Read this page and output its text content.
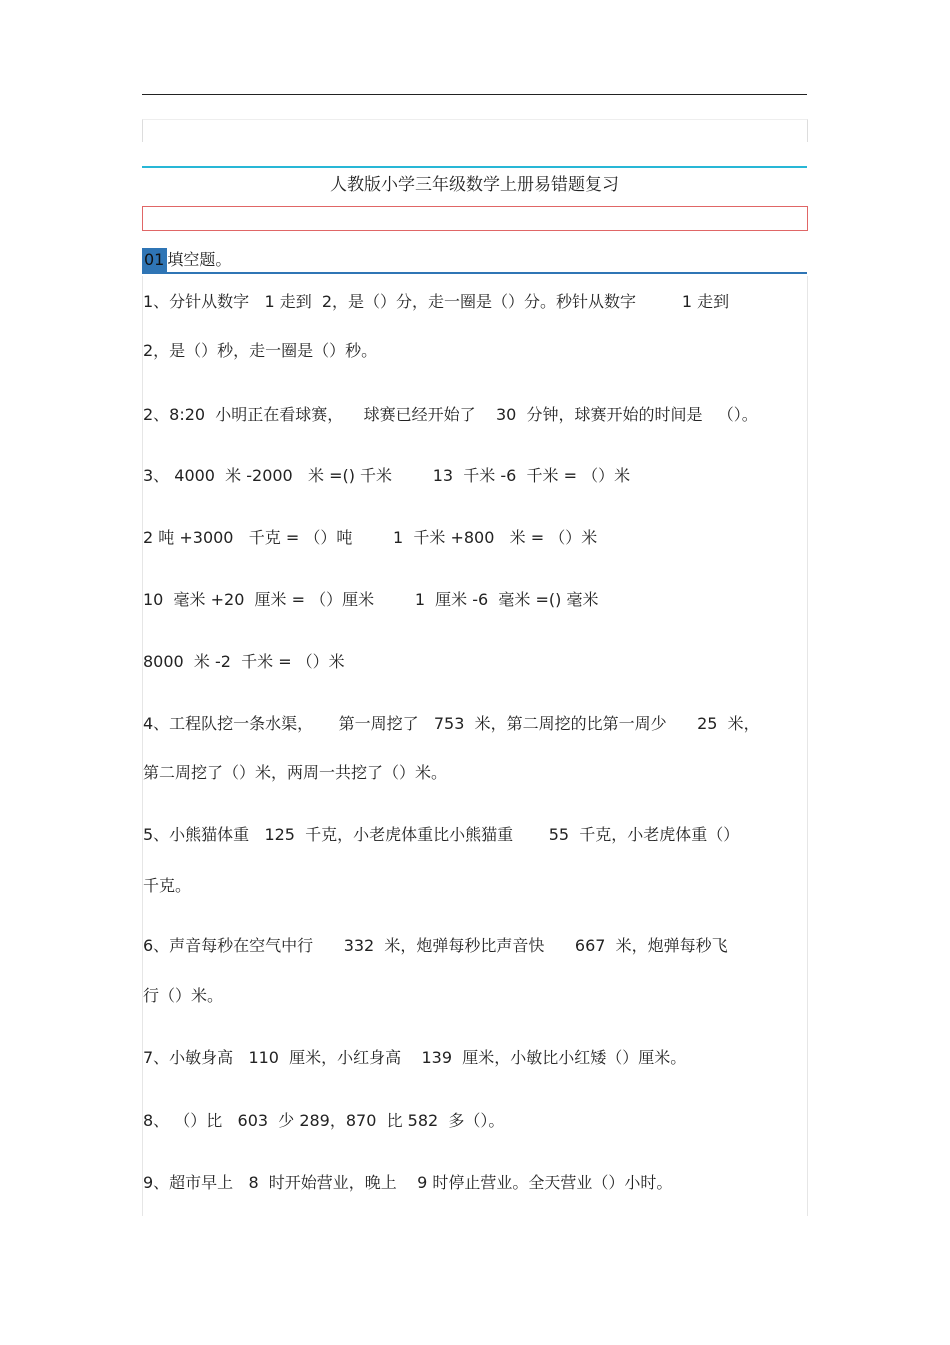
人教版小学三年级数学上册易错题复习
01 填空题。
1、分针从数字   1 走到  2，是（）分，走一圈是（）分。秒针从数字         1 走到
2，是（）秒，走一圈是（）秒。
2、8:20  小明正在看球赛，    球赛已经开始了    30  分钟，球赛开始的时间是   （）。
3、 4000  米 -2000   米 =() 千米        13  千米 -6  千米 = （）米
2 吨 +3000   千克 = （）吨        1  千米 +800   米 = （）米
10  毫米 +20  厘米 = （）厘米        1  厘米 -6  毫米 =() 毫米
8000  米 -2  千米 = （）米
4、工程队挖一条水渠，     第一周挖了   753  米，第二周挖的比第一周少      25  米，
第二周挖了（）米，两周一共挖了（）米。
5、小熊猫体重   125  千克，小老虎体重比小熊猫重       55  千克，小老虎体重（）
千克。
6、声音每秒在空气中行      332  米，炮弹每秒比声音快      667  米，炮弹每秒飞
行（）米。
7、小敏身高   110  厘米，小红身高    139  厘米，小敏比小红矮（）厘米。
8、 （）比   603  少 289，870  比 582  多（）。
9、超市早上   8  时开始营业，晚上    9 时停止营业。全天营业（）小时。
